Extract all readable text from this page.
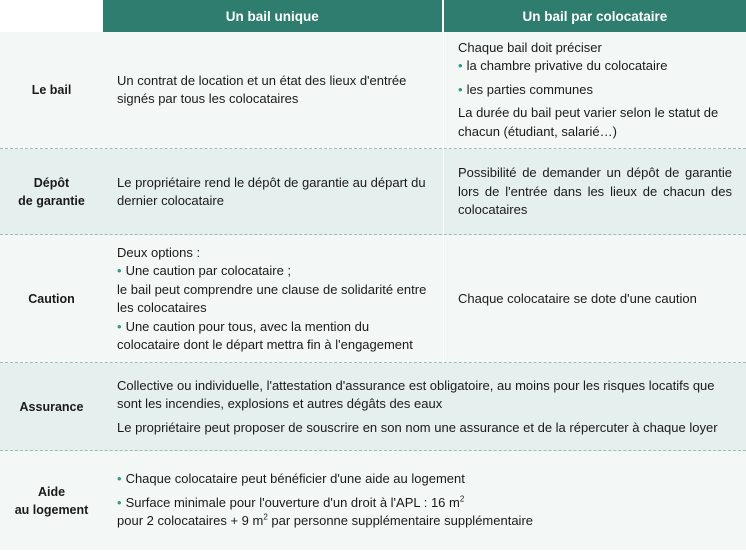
Un bail unique	Un bail par colocataire
Le bail
Un contrat de location et un état des lieux d'entrée signés par tous les colocataires
Chaque bail doit préciser
• la chambre privative du colocataire
• les parties communes
La durée du bail peut varier selon le statut de chacun (étudiant, salarié…)
Dépôt
de garantie
Le propriétaire rend le dépôt de garantie au départ du dernier colocataire
Possibilité de demander un dépôt de garantie lors de l'entrée dans les lieux de chacun des colocataires
Caution
Deux options :
• Une caution par colocataire ;
le bail peut comprendre une clause de solidarité entre les colocataires
• Une caution pour tous, avec la mention du colocataire dont le départ mettra fin à l'engagement
Chaque colocataire se dote d'une caution
Assurance
Collective ou individuelle, l'attestation d'assurance est obligatoire, au moins pour les risques locatifs que sont les incendies, explosions et autres dégâts des eaux
Le propriétaire peut proposer de souscrire en son nom une assurance et de la répercuter à chaque loyer
Aide
au logement
• Chaque colocataire peut bénéficier d'une aide au logement
• Surface minimale pour l'ouverture d'un droit à l'APL : 16 $m^2$
pour 2 colocataires + 9 $m^2$ par personne supplémentaire supplémentaire
